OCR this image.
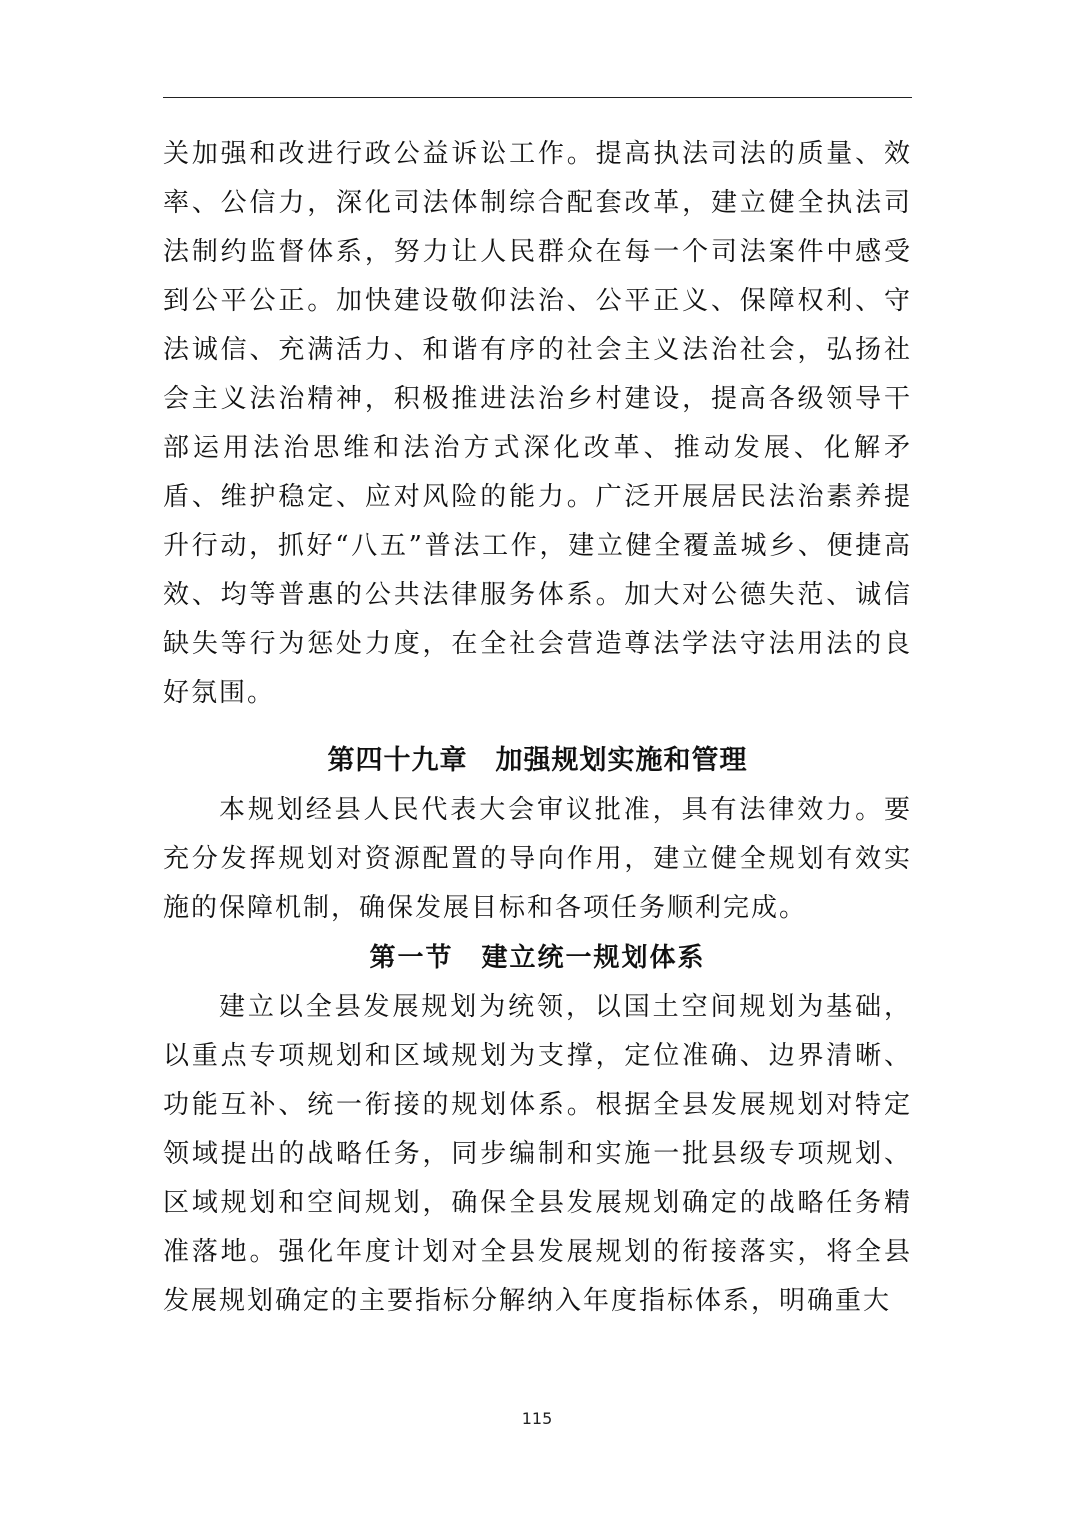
关加强和改进行政公益诉讼工作。提高执法司法的质量、效率、公信力，深化司法体制综合配套改革，建立健全执法司法制约监督体系，努力让人民群众在每一个司法案件中感受到公平公正。加快建设敬仰法治、公平正义、保障权利、守法诚信、充满活力、和谐有序的社会主义法治社会，弘扬社会主义法治精神，积极推进法治乡村建设，提高各级领导干部运用法治思维和法治方式深化改革、推动发展、化解矛盾、维护稳定、应对风险的能力。广泛开展居民法治素养提升行动，抓好“八五”普法工作，建立健全覆盖城乡、便捷高效、均等普惠的公共法律服务体系。加大对公德失范、诚信缺失等行为惩处力度，在全社会营造尊法学法守法用法的良好氛围。

第四十九章　加强规划实施和管理

本规划经县人民代表大会审议批准，具有法律效力。要充分发挥规划对资源配置的导向作用，建立健全规划有效实施的保障机制，确保发展目标和各项任务顺利完成。

第一节　建立统一规划体系

建立以全县发展规划为统领，以国土空间规划为基础，以重点专项规划和区域规划为支撑，定位准确、边界清晰、功能互补、统一衔接的规划体系。根据全县发展规划对特定领域提出的战略任务，同步编制和实施一批县级专项规划、区域规划和空间规划，确保全县发展规划确定的战略任务精准落地。强化年度计划对全县发展规划的衔接落实，将全县发展规划确定的主要指标分解纳入年度指标体系，明确重大

115
